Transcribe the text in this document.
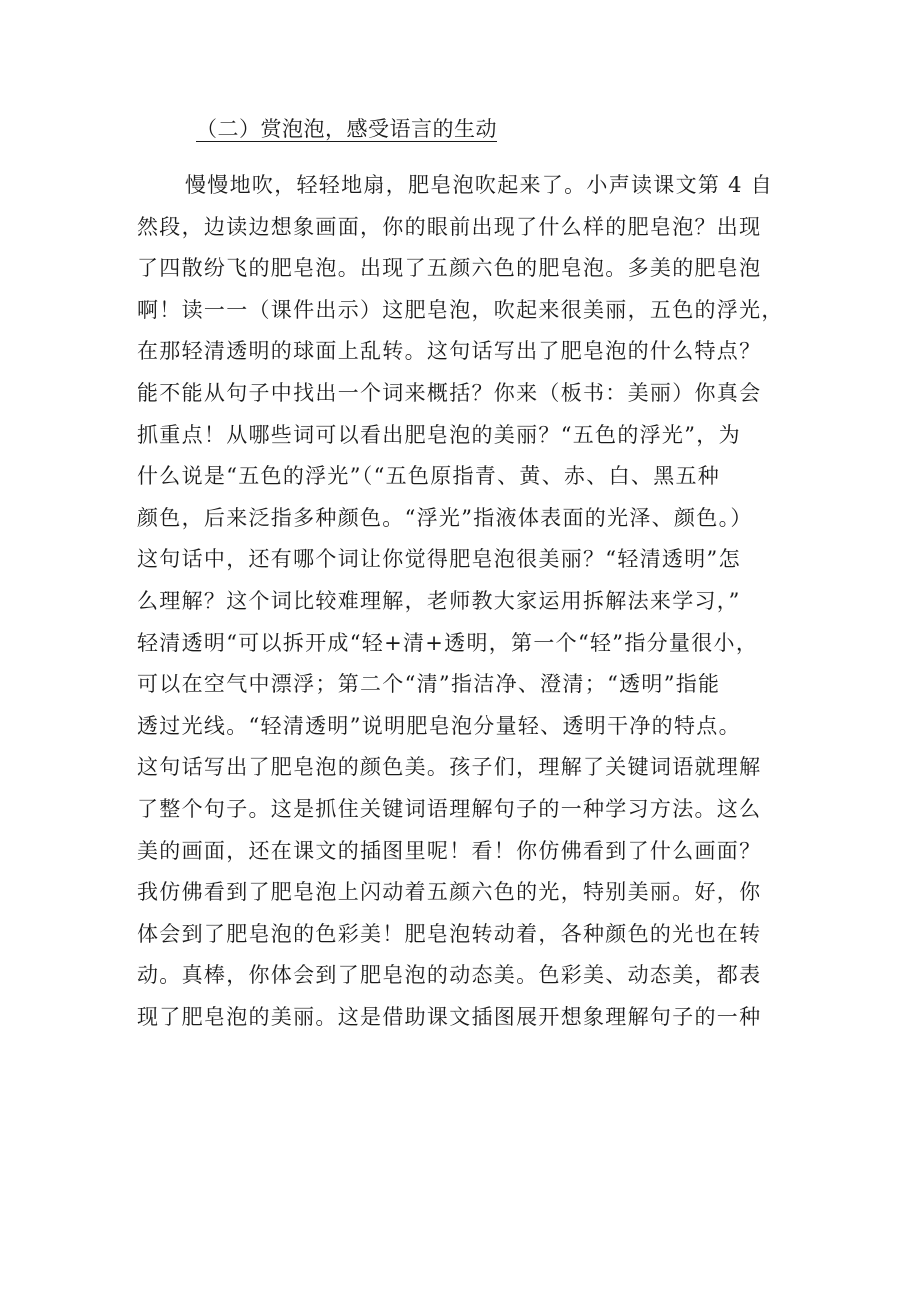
（二）赏泡泡，感受语言的生动
慢慢地吹，轻轻地扇，肥皂泡吹起来了。小声读课文第 4 自
然段，边读边想象画面，你的眼前出现了什么样的肥皂泡？出现
了四散纷飞的肥皂泡。出现了五颜六色的肥皂泡。多美的肥皂泡
啊！读一一（课件出示）这肥皂泡，吹起来很美丽，五色的浮光，
在那轻清透明的球面上乱转。这句话写出了肥皂泡的什么特点？
能不能从句子中找出一个词来概括？你来（板书：美丽）你真会
抓重点！从哪些词可以看出肥皂泡的美丽？“五色的浮光”，为
什么说是“五色的浮光”（“五色原指青、黄、赤、白、黑五种
颜色，后来泛指多种颜色。“浮光”指液体表面的光泽、颜色。）
这句话中，还有哪个词让你觉得肥皂泡很美丽？“轻清透明”怎
么理解？这个词比较难理解，老师教大家运用拆解法来学习，”
轻清透明“可以拆开成“轻+清+透明，第一个“轻”指分量很小，
可以在空气中漂浮；第二个“清”指洁净、澄清；“透明”指能
透过光线。“轻清透明”说明肥皂泡分量轻、透明干净的特点。
这句话写出了肥皂泡的颜色美。孩子们，理解了关键词语就理解
了整个句子。这是抓住关键词语理解句子的一种学习方法。这么
美的画面，还在课文的插图里呢！看！你仿佛看到了什么画面？
我仿佛看到了肥皂泡上闪动着五颜六色的光，特别美丽。好，你
体会到了肥皂泡的色彩美！肥皂泡转动着，各种颜色的光也在转
动。真棒，你体会到了肥皂泡的动态美。色彩美、动态美，都表
现了肥皂泡的美丽。这是借助课文插图展开想象理解句子的一种
